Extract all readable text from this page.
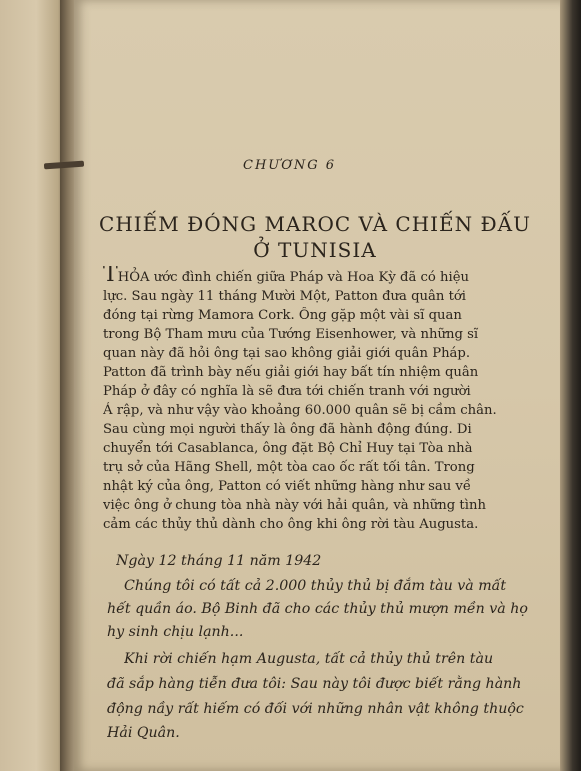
CHƯƠNG 6
CHIẾM ĐÓNG MAROC VÀ CHIẾN ĐẤU
Ở TUNISIA
THỎA ước đình chiến giữa Pháp và Hoa Kỳ đã có hiệu
lực. Sau ngày 11 tháng Mười Một, Patton đưa quân tới
đóng tại rừng Mamora Cork. Ông gặp một vài sĩ quan
trong Bộ Tham mưu của Tướng Eisenhower, và những sĩ
quan này đã hỏi ông tại sao không giải giới quân Pháp.
Patton đã trình bày nếu giải giới hay bất tín nhiệm quân
Pháp ở đây có nghĩa là sẽ đưa tới chiến tranh với người
Ả rập, và như vậy vào khoảng 60.000 quân sẽ bị cầm chân.
Sau cùng mọi người thấy là ông đã hành động đúng. Di
chuyển tới Casablanca, ông đặt Bộ Chỉ Huy tại Tòa nhà
trụ sở của Hãng Shell, một tòa cao ốc rất tối tân. Trong
nhật ký của ông, Patton có viết những hàng như sau về
việc ông ở chung tòa nhà này với hải quân, và những tình
cảm các thủy thủ dành cho ông khi ông rời tàu Augusta.
Ngày 12 tháng 11 năm 1942
Chúng tôi có tất cả 2.000 thủy thủ bị đắm tàu và mất
hết quần áo. Bộ Binh đã cho các thủy thủ mượn mền và họ
hy sinh chịu lạnh...
Khi rời chiến hạm Augusta, tất cả thủy thủ trên tàu
đã sắp hàng tiễn đưa tôi: Sau này tôi được biết rằng hành
động nầy rất hiếm có đối với những nhân vật không thuộc
Hải Quân.
